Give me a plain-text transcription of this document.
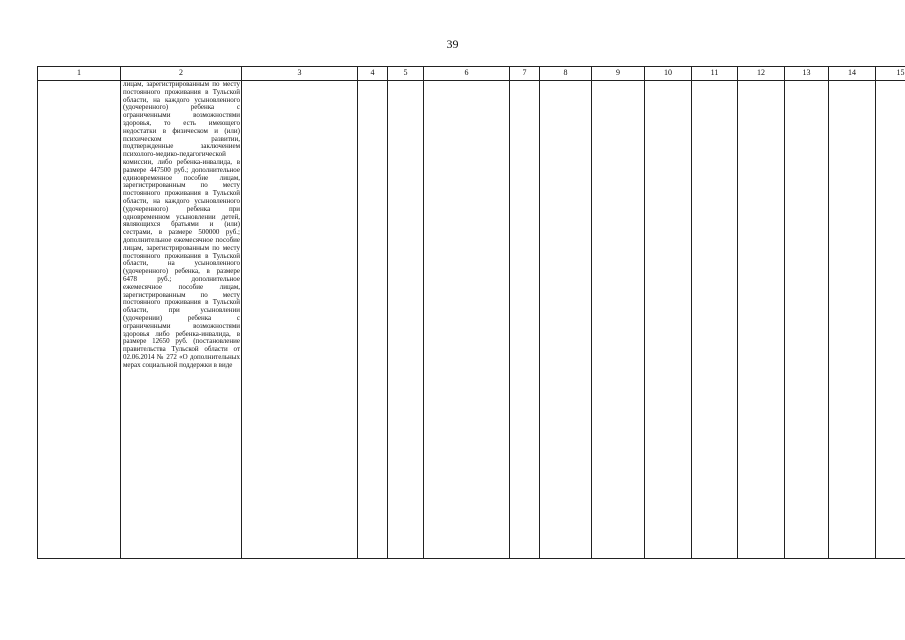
39
1	2	3	4	5	6	7	8	9	10	11	12	13	14	15

	лицам, зарегистрированным по месту постоянного проживания в Тульской области, на каждого усыновленного (удочеренного) ребенка с ограниченными возможностями здоровья, то есть имеющего недостатки в физическом и (или) психическом развитии, подтвержденные заключением психолого-медико-педагогической комиссии, либо ребенка-инвалида, в размере 447500 руб.; дополнительное единовременное пособие лицам, зарегистрированным по месту постоянного проживания в Тульской области, на каждого усыновленного (удочеренного) ребенка при одновременном усыновлении детей, являющихся братьями и (или) сестрами, в размере 500000 руб.; дополнительное ежемесячное пособие лицам, зарегистрированным по месту постоянного проживания в Тульской области, на усыновленного (удочеренного) ребенка, в размере 6478 руб.; дополнительное ежемесячное пособие лицам, зарегистрированным по месту постоянного проживания в Тульской области, при усыновлении (удочерении) ребенка с ограниченными возможностями здоровья либо ребенка-инвалида, в размере 12650 руб. (постановление правительства Тульской области от 02.06.2014 № 272 «О дополнительных мерах социальной поддержки в виде													
